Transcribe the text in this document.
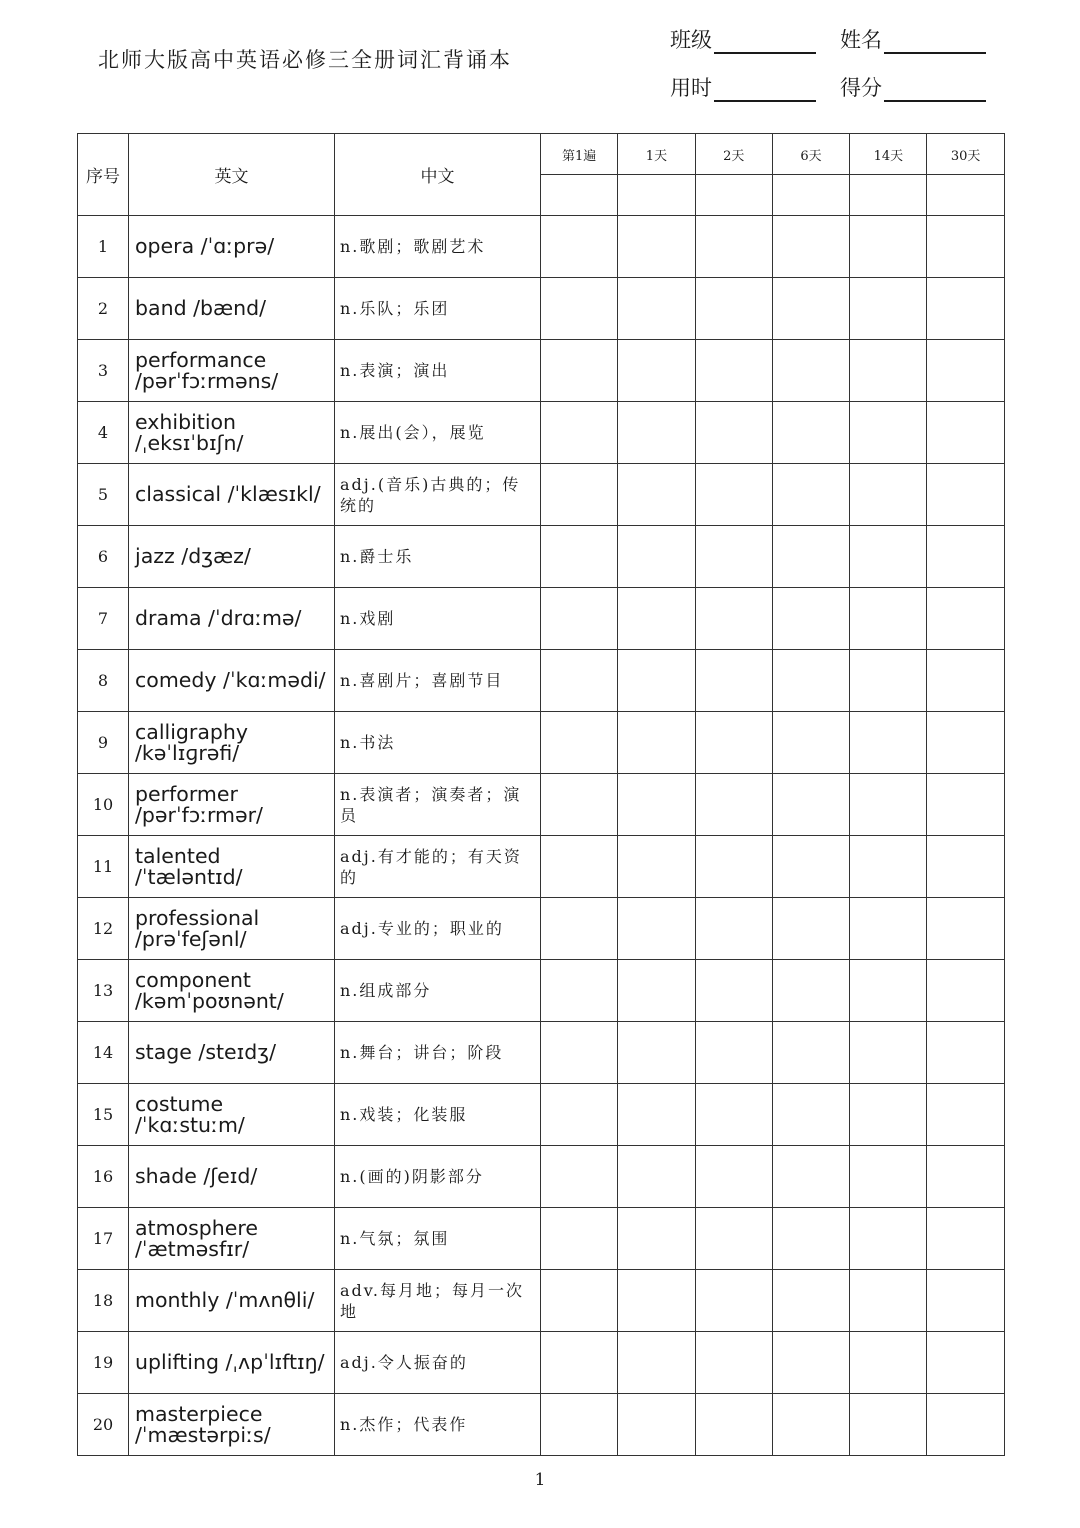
北师大版高中英语必修三全册词汇背诵本
班级	姓名
用时	得分
序号	英文	中文	第1遍	1天	2天	6天	14天	30天

1	opera /ˈɑːprə/	n.歌剧；歌剧艺术						
2	band /bænd/	n.乐队；乐团						
3	performance
/pərˈfɔːrməns/	n.表演；演出						
4	exhibition
/ˌeksɪˈbɪʃn/	n.展出(会），展览						
5	classical /ˈklæsɪkl/	adj.(音乐)古典的；传统的						
6	jazz /dʒæz/	n.爵士乐						
7	drama /ˈdrɑːmə/	n.戏剧						
8	comedy /ˈkɑːmədi/	n.喜剧片；喜剧节目						
9	calligraphy
/kəˈlɪɡrəfi/	n.书法						
10	performer
/pərˈfɔːrmər/	n.表演者；演奏者；演员						
11	talented
/ˈtæləntɪd/	adj.有才能的；有天资的						
12	professional
/prəˈfeʃənl/	adj.专业的；职业的						
13	component
/kəmˈpoʊnənt/	n.组成部分						
14	stage /steɪdʒ/	n.舞台；讲台；阶段						
15	costume
/ˈkɑːstuːm/	n.戏装；化装服						
16	shade /ʃeɪd/	n.(画的)阴影部分						
17	atmosphere
/ˈætməsfɪr/	n.气氛；氛围						
18	monthly /ˈmʌnθli/	adv.每月地；每月一次地						
19	uplifting /ˌʌpˈlɪftɪŋ/	adj.令人振奋的						
20	masterpiece
/ˈmæstərpiːs/	n.杰作；代表作						
1
